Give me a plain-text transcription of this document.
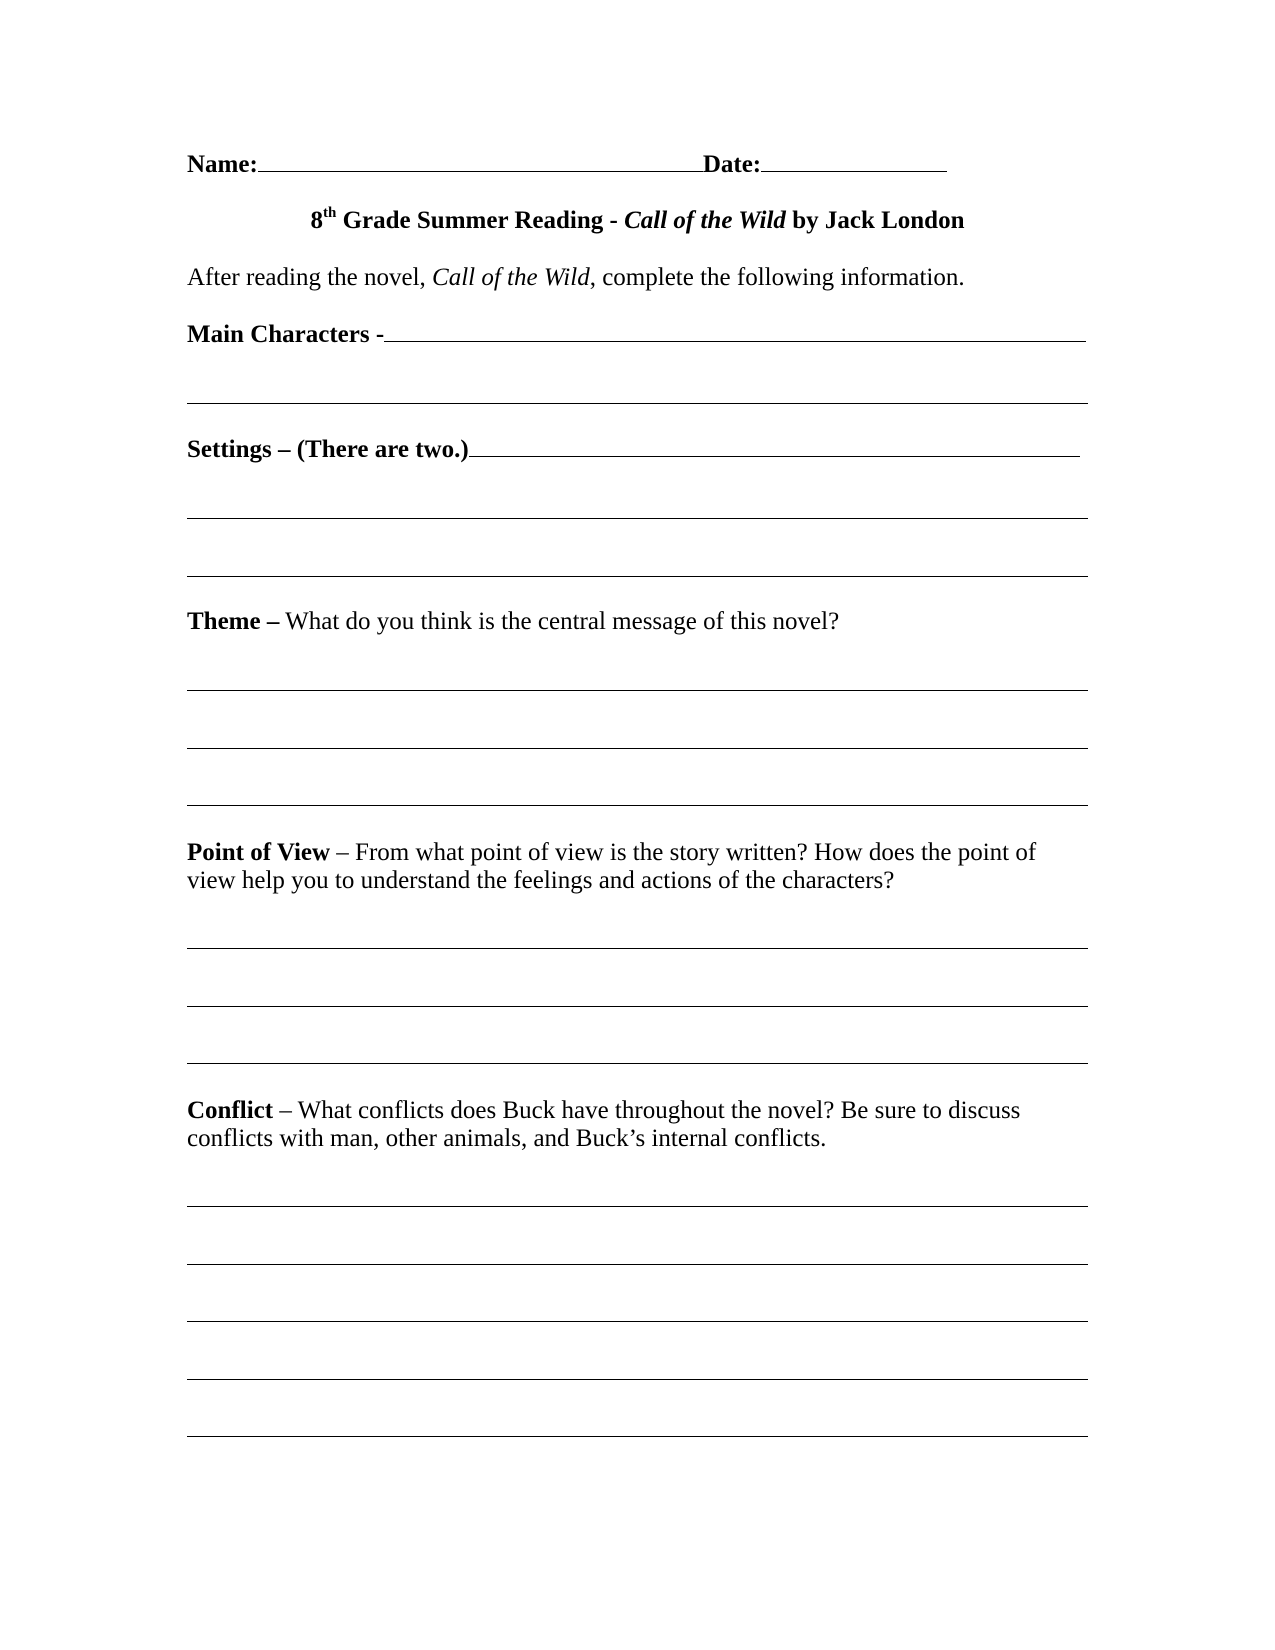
Name:	Date:
8th Grade Summer Reading - Call of the Wild by Jack London
After reading the novel, Call of the Wild, complete the following information.
Main Characters -
Settings – (There are two.)
Theme – What do you think is the central message of this novel?
Point of View – From what point of view is the story written? How does the point of
view help you to understand the feelings and actions of the characters?
Conflict – What conflicts does Buck have throughout the novel? Be sure to discuss
conflicts with man, other animals, and Buck’s internal conflicts.
